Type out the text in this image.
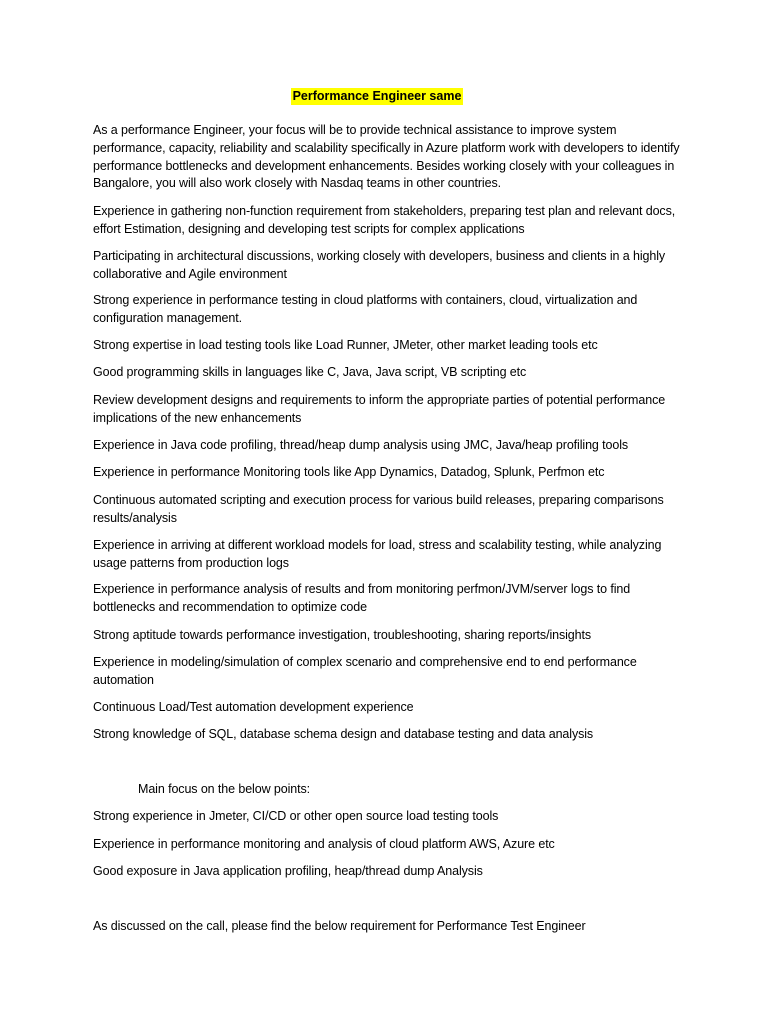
Performance Engineer same

As a performance Engineer, your focus will be to provide technical assistance to improve system performance, capacity, reliability and scalability specifically in Azure platform work with developers to identify performance bottlenecks and development enhancements. Besides working closely with your colleagues in Bangalore, you will also work closely with Nasdaq teams in other countries.

Experience in gathering non-function requirement from stakeholders, preparing test plan and relevant docs, effort Estimation, designing and developing test scripts for complex applications

Participating in architectural discussions, working closely with developers, business and clients in a highly collaborative and Agile environment

Strong experience in performance testing in cloud platforms with containers, cloud, virtualization and configuration management.

Strong expertise in load testing tools like Load Runner, JMeter, other market leading tools etc

Good programming skills in languages like C, Java, Java script, VB scripting etc

Review development designs and requirements to inform the appropriate parties of potential performance implications of the new enhancements

Experience in Java code profiling, thread/heap dump analysis using JMC, Java/heap profiling tools

Experience in performance Monitoring tools like App Dynamics, Datadog, Splunk, Perfmon etc

Continuous automated scripting and execution process for various build releases, preparing comparisons results/analysis

Experience in arriving at different workload models for load, stress and scalability testing, while analyzing usage patterns from production logs

Experience in performance analysis of results and from monitoring perfmon/JVM/server logs to find bottlenecks and recommendation to optimize code

Strong aptitude towards performance investigation, troubleshooting, sharing reports/insights

Experience in modeling/simulation of complex scenario and comprehensive end to end performance automation

Continuous Load/Test automation development experience

Strong knowledge of SQL, database schema design and database testing and data analysis

Main focus on the below points:

Strong experience in Jmeter, CI/CD or other open source load testing tools

Experience in performance monitoring and analysis of cloud platform AWS, Azure etc

Good exposure in Java application profiling, heap/thread dump Analysis

As discussed on the call, please find the below requirement for Performance Test Engineer
